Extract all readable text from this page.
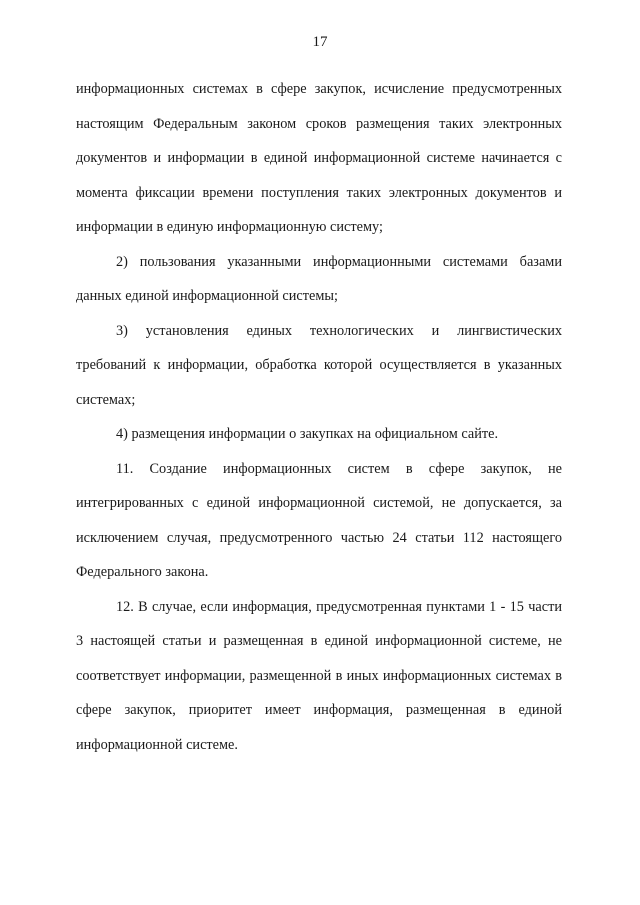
17

информационных системах в сфере закупок, исчисление предусмотренных настоящим Федеральным законом сроков размещения таких электронных документов и информации в единой информационной системе начинается с момента фиксации времени поступления таких электронных документов и информации в единую информационную систему;

2) пользования указанными информационными системами базами данных единой информационной системы;

3) установления единых технологических и лингвистических требований к информации, обработка которой осуществляется в указанных системах;

4) размещения информации о закупках на официальном сайте.

11. Создание информационных систем в сфере закупок, не интегрированных с единой информационной системой, не допускается, за исключением случая, предусмотренного частью 24 статьи 112 настоящего Федерального закона.

12. В случае, если информация, предусмотренная пунктами 1 - 15 части 3 настоящей статьи и размещенная в единой информационной системе, не соответствует информации, размещенной в иных информационных системах в сфере закупок, приоритет имеет информация, размещенная в единой информационной системе.
